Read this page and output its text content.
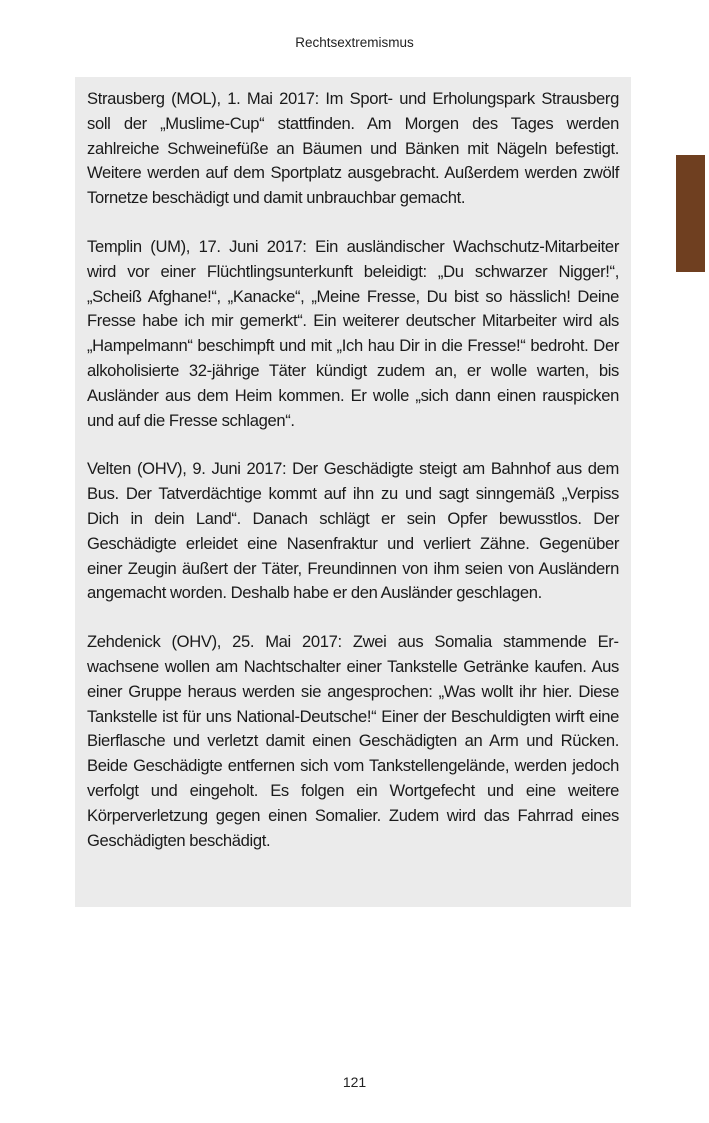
Rechtsextremismus

Strausberg (MOL), 1. Mai 2017: Im Sport- und Erholungspark Strausberg soll der „Muslime-Cup“ stattfinden. Am Morgen des Tages werden zahlreiche Schweinefüße an Bäumen und Bänken mit Nägeln befestigt. Weitere werden auf dem Sportplatz ausgebracht. Außerdem werden zwölf Tornetze beschädigt und damit unbrauchbar gemacht.

Templin (UM), 17. Juni 2017: Ein ausländischer Wachschutz-Mitarbeiter wird vor einer Flüchtlingsunterkunft beleidigt: „Du schwarzer Nigger!“, „Scheiß Afghane!“, „Kanacke“, „Meine Fresse, Du bist so hässlich! Deine Fresse habe ich mir gemerkt“. Ein weiterer deutscher Mitarbeiter wird als „Hampelmann“ beschimpft und mit „Ich hau Dir in die Fresse!“ bedroht. Der alkoholisierte 32-jährige Täter kündigt zudem an, er wolle warten, bis Ausländer aus dem Heim kommen. Er wolle „sich dann einen rauspicken und auf die Fresse schlagen“.

Velten (OHV), 9. Juni 2017: Der Geschädigte steigt am Bahnhof aus dem Bus. Der Tatverdächtige kommt auf ihn zu und sagt sinngemäß „Verpiss Dich in dein Land“. Danach schlägt er sein Opfer bewusstlos. Der Geschädigte erleidet eine Nasenfraktur und verliert Zähne. Gegenüber einer Zeugin äußert der Täter, Freundinnen von ihm seien von Ausländern angemacht worden. Deshalb habe er den Ausländer geschlagen.

Zehdenick (OHV), 25. Mai 2017: Zwei aus Somalia stammende Erwachsene wollen am Nachtschalter einer Tankstelle Getränke kaufen. Aus einer Gruppe heraus werden sie angesprochen: „Was wollt ihr hier. Diese Tankstelle ist für uns National-Deutsche!“ Einer der Beschuldigten wirft eine Bierflasche und verletzt damit einen Geschädigten an Arm und Rücken. Beide Geschädigte entfernen sich vom Tankstellengelände, werden jedoch verfolgt und eingeholt. Es folgen ein Wortgefecht und eine weitere Körperverletzung gegen einen Somalier. Zudem wird das Fahrrad eines Geschädigten beschädigt.

121
